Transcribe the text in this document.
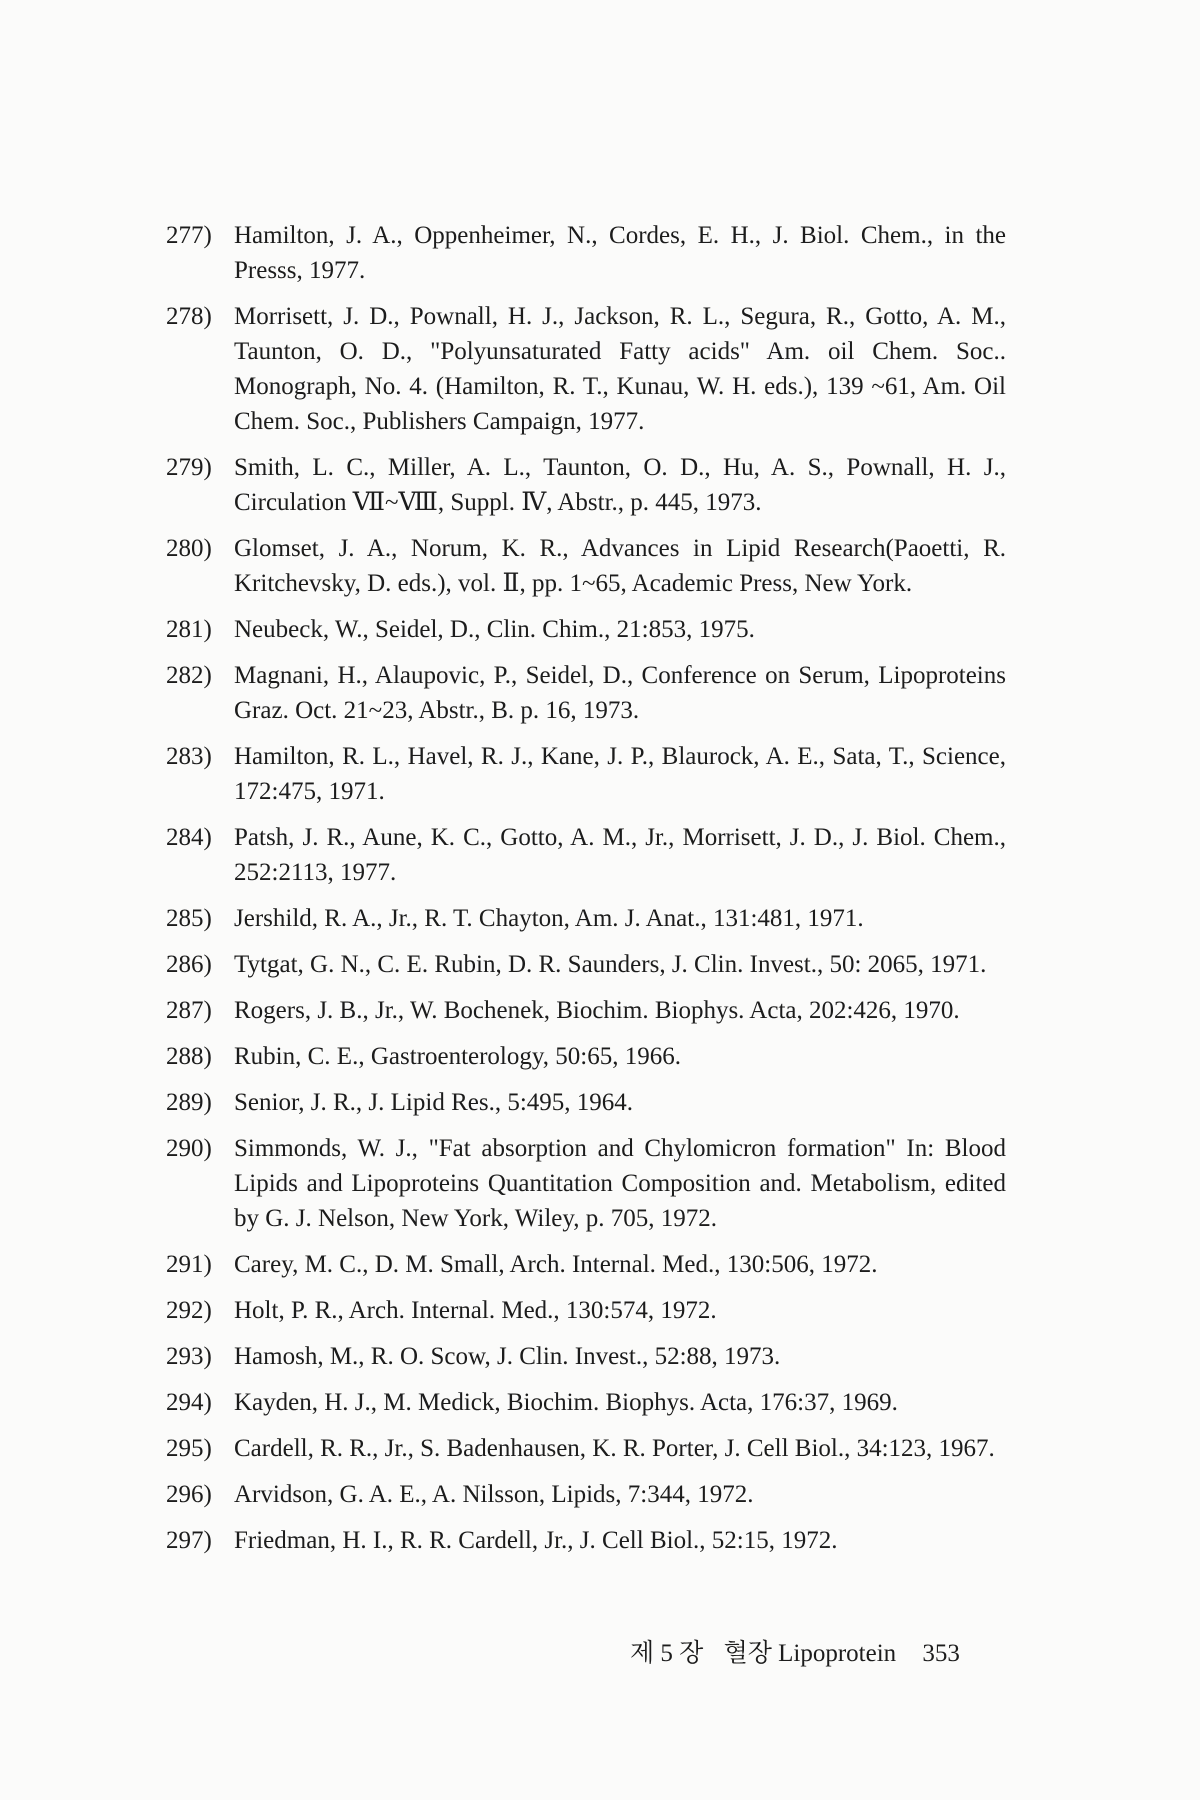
277) Hamilton, J. A., Oppenheimer, N., Cordes, E. H., J. Biol. Chem., in the Presss, 1977.
278) Morrisett, J. D., Pownall, H. J., Jackson, R. L., Segura, R., Gotto, A. M., Taunton, O. D., "Polyunsaturated Fatty acids" Am. oil Chem. Soc.. Monograph, No. 4. (Hamilton, R. T., Kunau, W. H. eds.), 139 ~61, Am. Oil Chem. Soc., Publishers Campaign, 1977.
279) Smith, L. C., Miller, A. L., Taunton, O. D., Hu, A. S., Pownall, H. J., Circulation Ⅶ~Ⅷ, Suppl. Ⅳ, Abstr., p. 445, 1973.
280) Glomset, J. A., Norum, K. R., Advances in Lipid Research(Paoetti, R. Kritchevsky, D. eds.), vol. Ⅱ, pp. 1~65, Academic Press, New York.
281) Neubeck, W., Seidel, D., Clin. Chim., 21:853, 1975.
282) Magnani, H., Alaupovic, P., Seidel, D., Conference on Serum, Lipoproteins Graz. Oct. 21~23, Abstr., B. p. 16, 1973.
283) Hamilton, R. L., Havel, R. J., Kane, J. P., Blaurock, A. E., Sata, T., Science, 172:475, 1971.
284) Patsh, J. R., Aune, K. C., Gotto, A. M., Jr., Morrisett, J. D., J. Biol. Chem., 252:2113, 1977.
285) Jershild, R. A., Jr., R. T. Chayton, Am. J. Anat., 131:481, 1971.
286) Tytgat, G. N., C. E. Rubin, D. R. Saunders, J. Clin. Invest., 50: 2065, 1971.
287) Rogers, J. B., Jr., W. Bochenek, Biochim. Biophys. Acta, 202:426, 1970.
288) Rubin, C. E., Gastroenterology, 50:65, 1966.
289) Senior, J. R., J. Lipid Res., 5:495, 1964.
290) Simmonds, W. J., "Fat absorption and Chylomicron formation" In: Blood Lipids and Lipoproteins Quantitation Composition and. Metabolism, edited by G. J. Nelson, New York, Wiley, p. 705, 1972.
291) Carey, M. C., D. M. Small, Arch. Internal. Med., 130:506, 1972.
292) Holt, P. R., Arch. Internal. Med., 130:574, 1972.
293) Hamosh, M., R. O. Scow, J. Clin. Invest., 52:88, 1973.
294) Kayden, H. J., M. Medick, Biochim. Biophys. Acta, 176:37, 1969.
295) Cardell, R. R., Jr., S. Badenhausen, K. R. Porter, J. Cell Biol., 34:123, 1967.
296) Arvidson, G. A. E., A. Nilsson, Lipids, 7:344, 1972.
297) Friedman, H. I., R. R. Cardell, Jr., J. Cell Biol., 52:15, 1972.
제 5 장 혈장 Lipoprotein 353
